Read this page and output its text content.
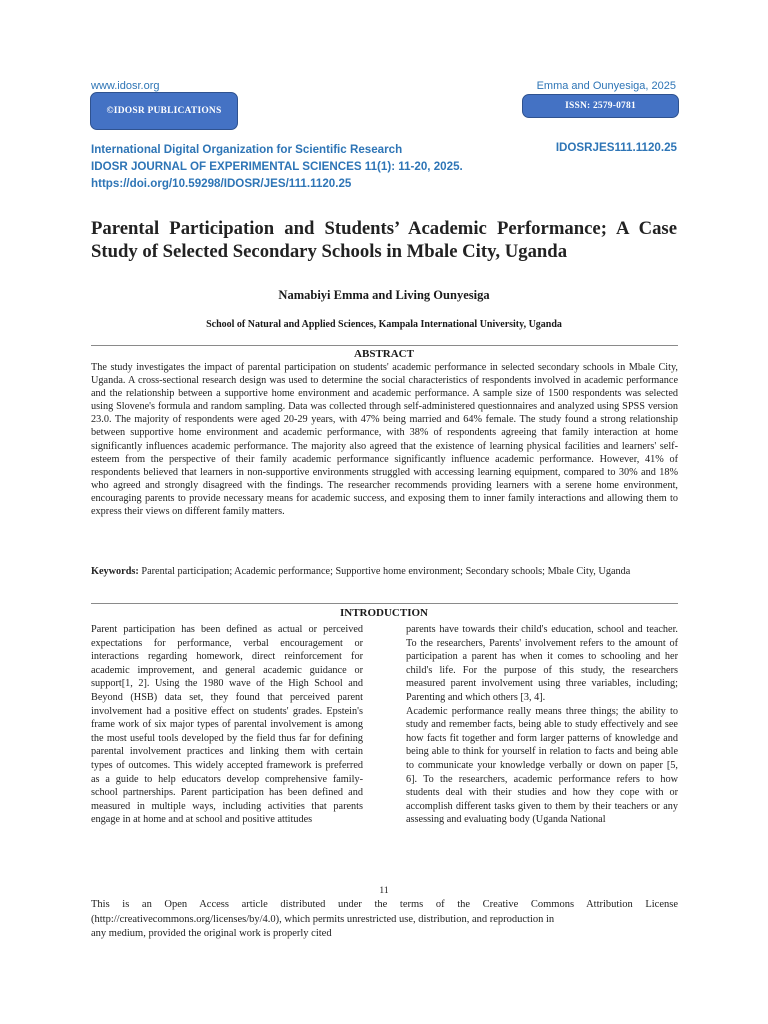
www.idosr.org	Emma and Ounyesiga, 2025
©IDOSR PUBLICATIONS	ISSN: 2579-0781
International Digital Organization for Scientific Research
IDOSR JOURNAL OF EXPERIMENTAL SCIENCES 11(1): 11-20, 2025.
https://doi.org/10.59298/IDOSR/JES/111.1120.25
IDOSRJES111.1120.25
Parental Participation and Students’ Academic Performance; A Case Study of Selected Secondary Schools in Mbale City, Uganda
Namabiyi Emma and Living Ounyesiga
School of Natural and Applied Sciences, Kampala International University, Uganda
ABSTRACT
The study investigates the impact of parental participation on students' academic performance in selected secondary schools in Mbale City, Uganda. A cross-sectional research design was used to determine the social characteristics of respondents involved in academic performance and the relationship between a supportive home environment and academic performance. A sample size of 1500 respondents was selected using Slovene's formula and random sampling. Data was collected through self-administered questionnaires and analyzed using SPSS version 23.0. The majority of respondents were aged 20-29 years, with 47% being married and 64% female. The study found a strong relationship between supportive home environment and academic performance, with 38% of respondents agreeing that family interaction at home significantly influences academic performance. The majority also agreed that the existence of learning physical facilities and learners' self-esteem from the perspective of their family academic performance significantly influence academic performance. However, 41% of respondents believed that learners in non-supportive environments struggled with accessing learning equipment, compared to 30% and 18% who agreed and strongly disagreed with the findings. The researcher recommends providing learners with a serene home environment, encouraging parents to provide necessary means for academic success, and exposing them to inner family interactions and allowing them to express their views on different family matters.
Keywords: Parental participation; Academic performance; Supportive home environment; Secondary schools; Mbale City, Uganda
INTRODUCTION

Parent participation has been defined as actual or perceived expectations for performance, verbal encouragement or interactions regarding homework, direct reinforcement for academic improvement, and general academic guidance or support[1, 2]. Using the 1980 wave of the High School and Beyond (HSB) data set, they found that perceived parent involvement had a positive effect on students' grades. Epstein's frame work of six major types of parental involvement is among the most useful tools developed by the field thus far for defining parental involvement practices and linking them with certain types of outcomes. This widely accepted framework is preferred as a guide to help educators develop comprehensive family-school partnerships. Parent participation has been defined and measured in multiple ways, including activities that parents engage in at home and at school and positive attitudes

parents have towards their child's education, school and teacher. To the researchers, Parents' involvement refers to the amount of participation a parent has when it comes to schooling and her child's life. For the purpose of this study, the researchers measured parent involvement using three variables, including; Parenting and which others [3, 4].

Academic performance really means three things; the ability to study and remember facts, being able to study effectively and see how facts fit together and form larger patterns of knowledge and being able to think for yourself in relation to facts and being able to communicate your knowledge verbally or down on paper [5, 6]. To the researchers, academic performance refers to how students deal with their studies and how they cope with or accomplish different tasks given to them by their teachers or any assessing and evaluating body (Uganda National

11
This is an Open Access article distributed under the terms of the Creative Commons Attribution License (http://creativecommons.org/licenses/by/4.0), which permits unrestricted use, distribution, and reproduction in
any medium, provided the original work is properly cited
